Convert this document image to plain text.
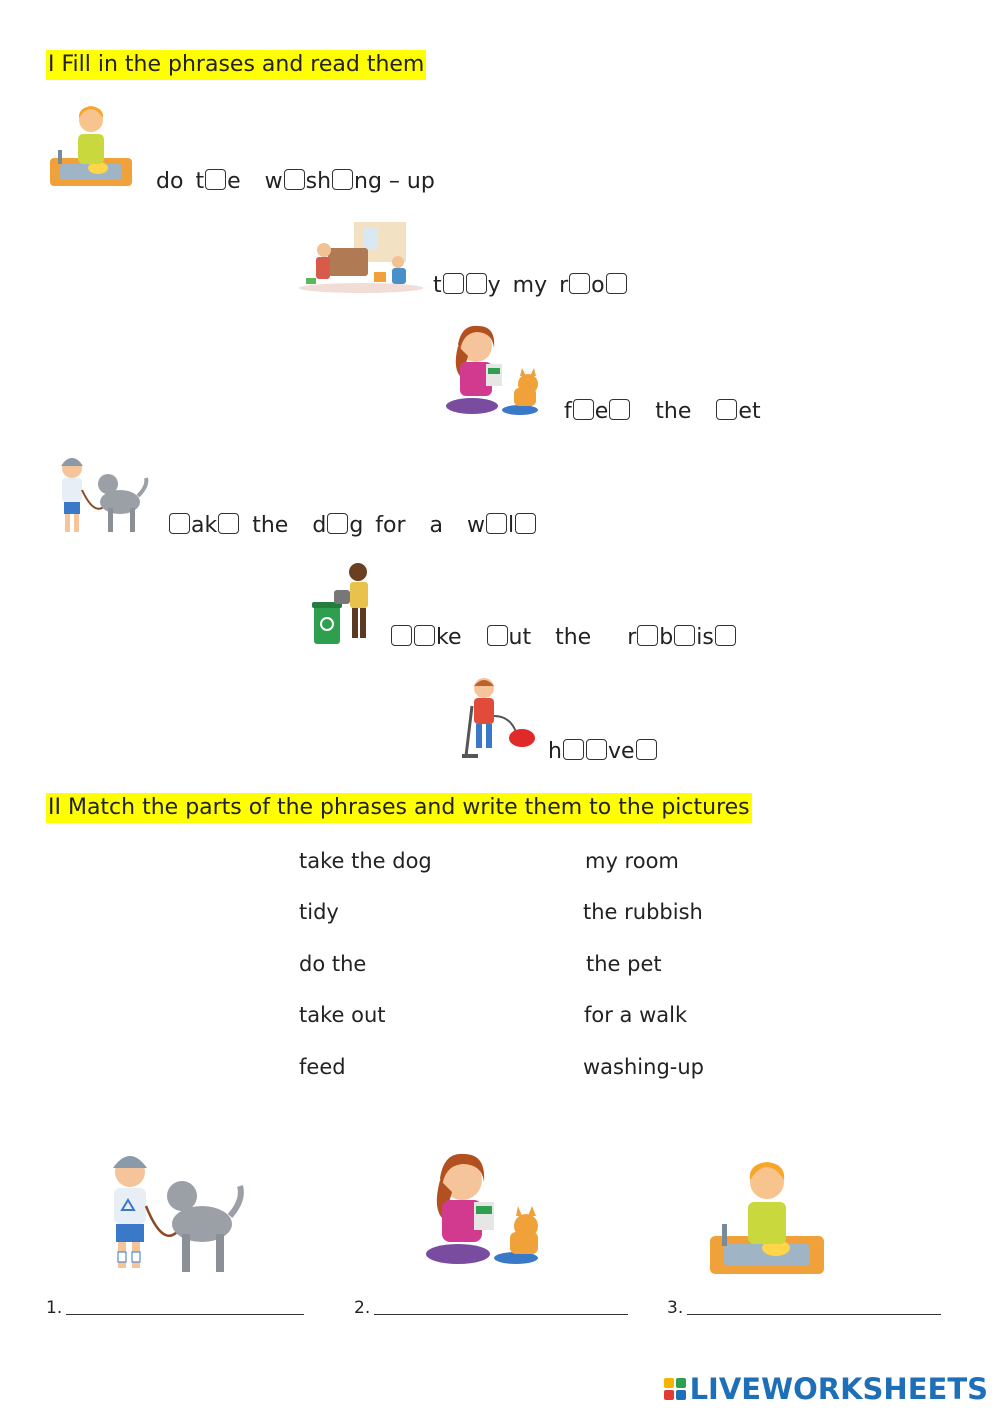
I Fill in the phrases and read them
do t e w sh ng – up
t y my r o
f e the et
ak the d g for a w l
ke ut the r b is
h ve
II Match the parts of the phrases and write them to the pictures
take the dog
tidy
do the
take out
feed
my room
the rubbish
the pet
for a walk
washing-up
1.	2.	3.
LIVEWORKSHEETS
